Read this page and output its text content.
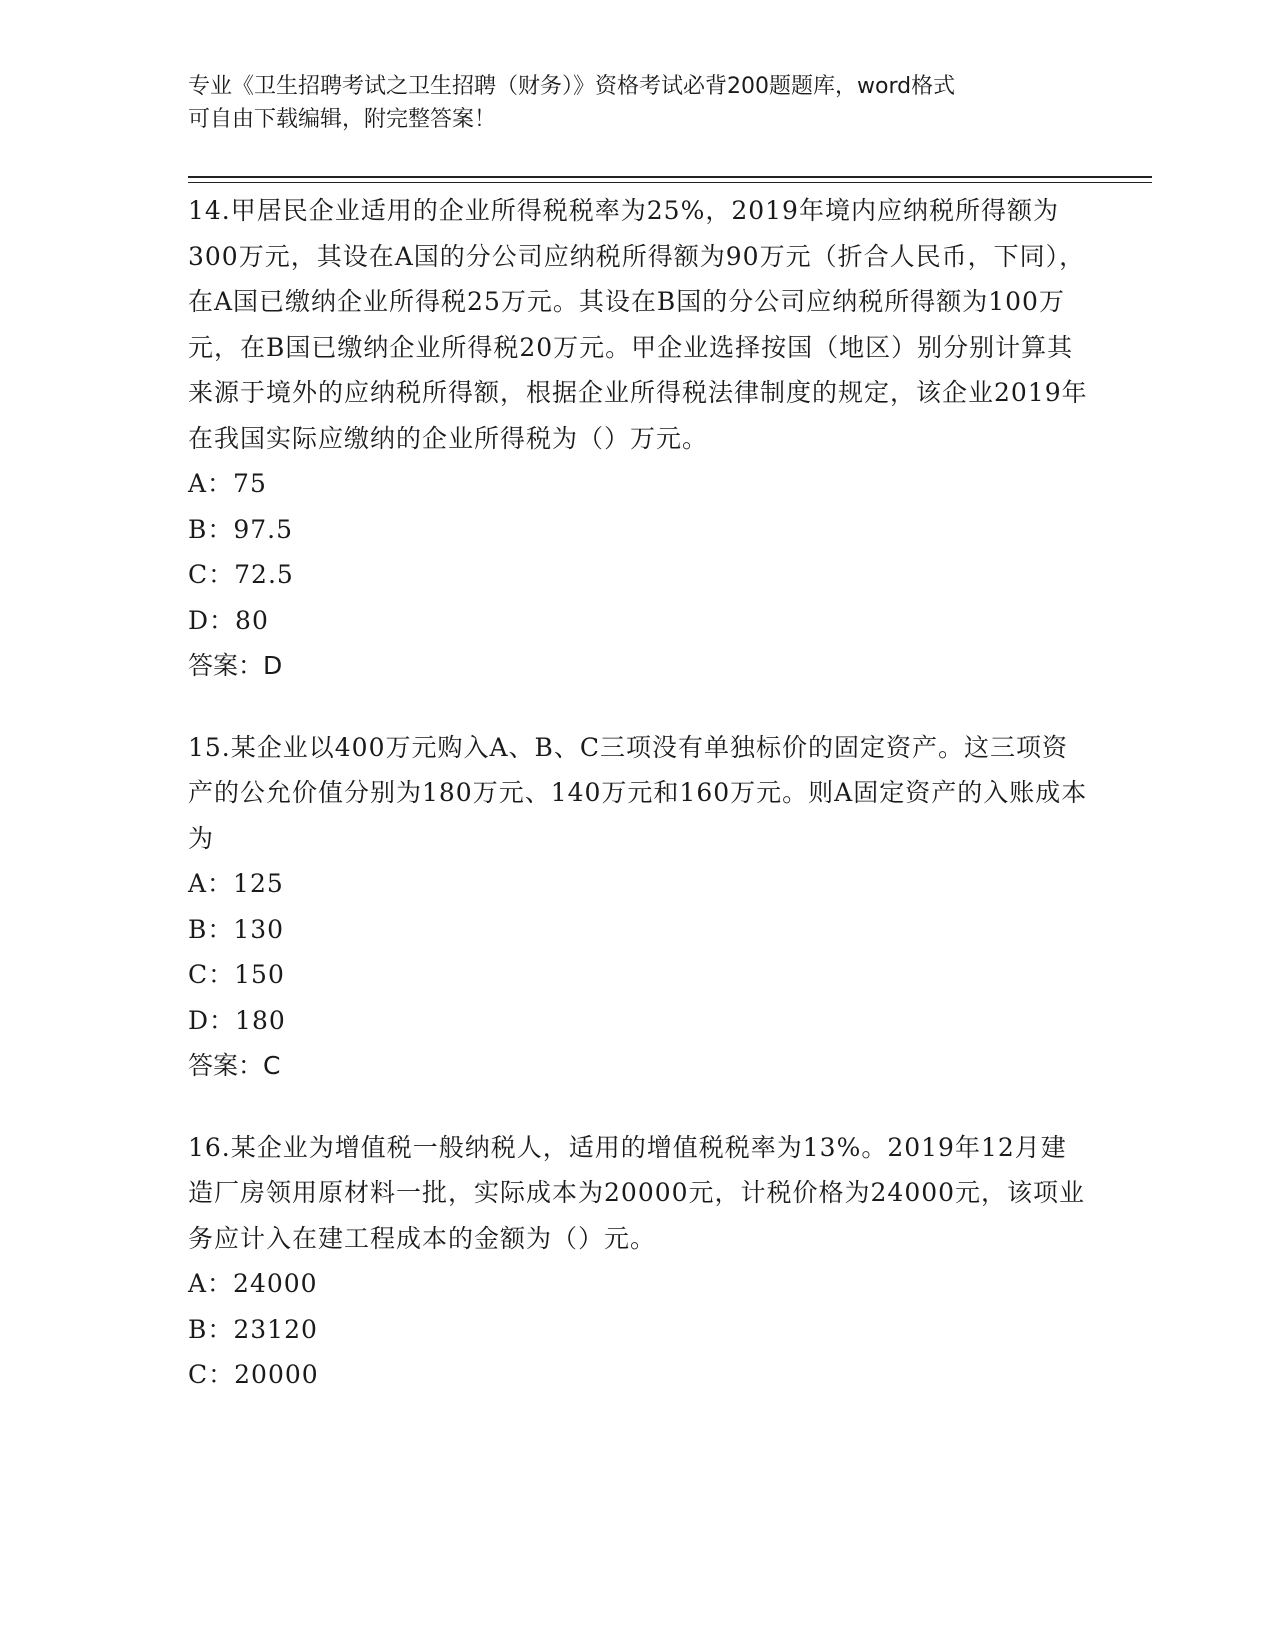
专业《卫生招聘考试之卫生招聘（财务）》资格考试必背200题题库，word格式
可自由下载编辑，附完整答案！

14.甲居民企业适用的企业所得税税率为25%，2019年境内应纳税所得额为300万元，其设在A国的分公司应纳税所得额为90万元（折合人民币，下同），在A国已缴纳企业所得税25万元。其设在B国的分公司应纳税所得额为100万元，在B国已缴纳企业所得税20万元。甲企业选择按国（地区）别分别计算其来源于境外的应纳税所得额，根据企业所得税法律制度的规定，该企业2019年在我国实际应缴纳的企业所得税为（）万元。

A：75

B：97.5

C：72.5

D：80

答案：D

15.某企业以400万元购入A、B、C三项没有单独标价的固定资产。这三项资产的公允价值分别为180万元、140万元和160万元。则A固定资产的入账成本为

A：125

B：130

C：150

D：180

答案：C

16.某企业为增值税一般纳税人，适用的增值税税率为13%。2019年12月建造厂房领用原材料一批，实际成本为20000元，计税价格为24000元，该项业务应计入在建工程成本的金额为（）元。

A：24000

B：23120

C：20000
